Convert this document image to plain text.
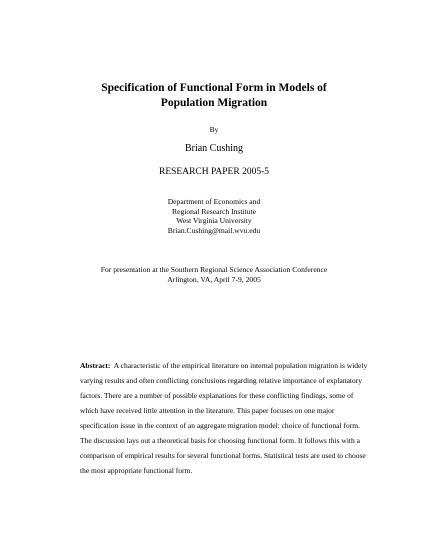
Specification of Functional Form in Models of
Population Migration
By
Brian Cushing
RESEARCH PAPER 2005-5
Department of Economics and
Regional Research Institute
West Virginia University
Brian.Cushing@mail.wvu.edu
For presentation at the Southern Regional Science Association Conference
Arlington, VA, April 7-9, 2005
Abstract:  A characteristic of the empirical literature on internal population migration is widely
varying results and often conflicting conclusions regarding relative importance of explanatory
factors. There are a number of possible explanations for these conflicting findings, some of
which have received little attention in the literature. This paper focuses on one major
specification issue in the context of an aggregate migration model: choice of functional form.
The discussion lays out a theoretical basis for choosing functional form. It follows this with a
comparison of empirical results for several functional forms. Statistical tests are used to choose
the most appropriate functional form.
